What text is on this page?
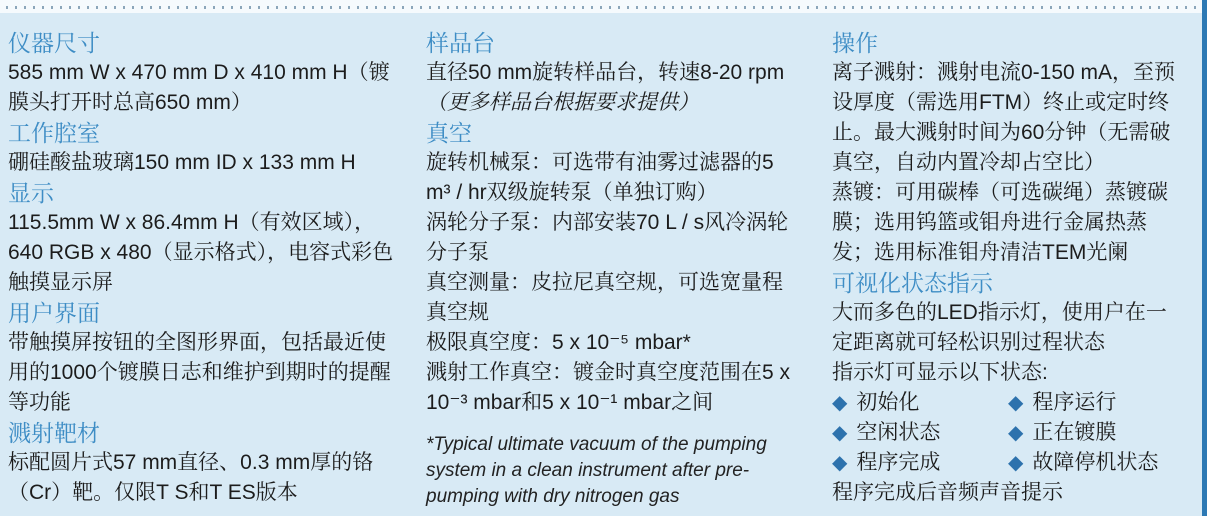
仪器尺寸

585 mm W x 470 mm D x 410 mm H（镀膜头打开时总高650 mm）

工作腔室

硼硅酸盐玻璃150 mm ID x 133 mm H

显示

115.5mm W x 86.4mm H（有效区域），640 RGB x 480（显示格式），电容式彩色触摸显示屏

用户界面

带触摸屏按钮的全图形界面，包括最近使用的1000个镀膜日志和维护到期时的提醒等功能

溅射靶材

标配圆片式57 mm直径、0.3 mm厚的铬（Cr）靶。仅限T S和T ES版本

样品台

直径50 mm旋转样品台，转速8-20 rpm（更多样品台根据要求提供）

真空

旋转机械泵：可选带有油雾过滤器的5 m³ / hr双级旋转泵（单独订购）

涡轮分子泵：内部安装70 L / s风冷涡轮分子泵

真空测量：皮拉尼真空规，可选宽量程真空规

极限真空度：5 x 10⁻⁵ mbar*

溅射工作真空：镀金时真空度范围在5 x 10⁻³ mbar和5 x 10⁻¹ mbar之间

*Typical ultimate vacuum of the pumping system in a clean instrument after pre-pumping with dry nitrogen gas

操作

离子溅射：溅射电流0-150 mA，至预设厚度（需选用FTM）终止或定时终止。最大溅射时间为60分钟（无需破真空，自动内置冷却占空比）

蒸镀：可用碳棒（可选碳绳）蒸镀碳膜；选用钨篮或钼舟进行金属热蒸发；选用标准钼舟清洁TEM光阑

可视化状态指示

大而多色的LED指示灯，使用户在一定距离就可轻松识别过程状态

指示灯可显示以下状态:

◆ 初始化	◆ 程序运行
◆ 空闲状态	◆ 正在镀膜
◆ 程序完成	◆ 故障停机状态

程序完成后音频声音提示
